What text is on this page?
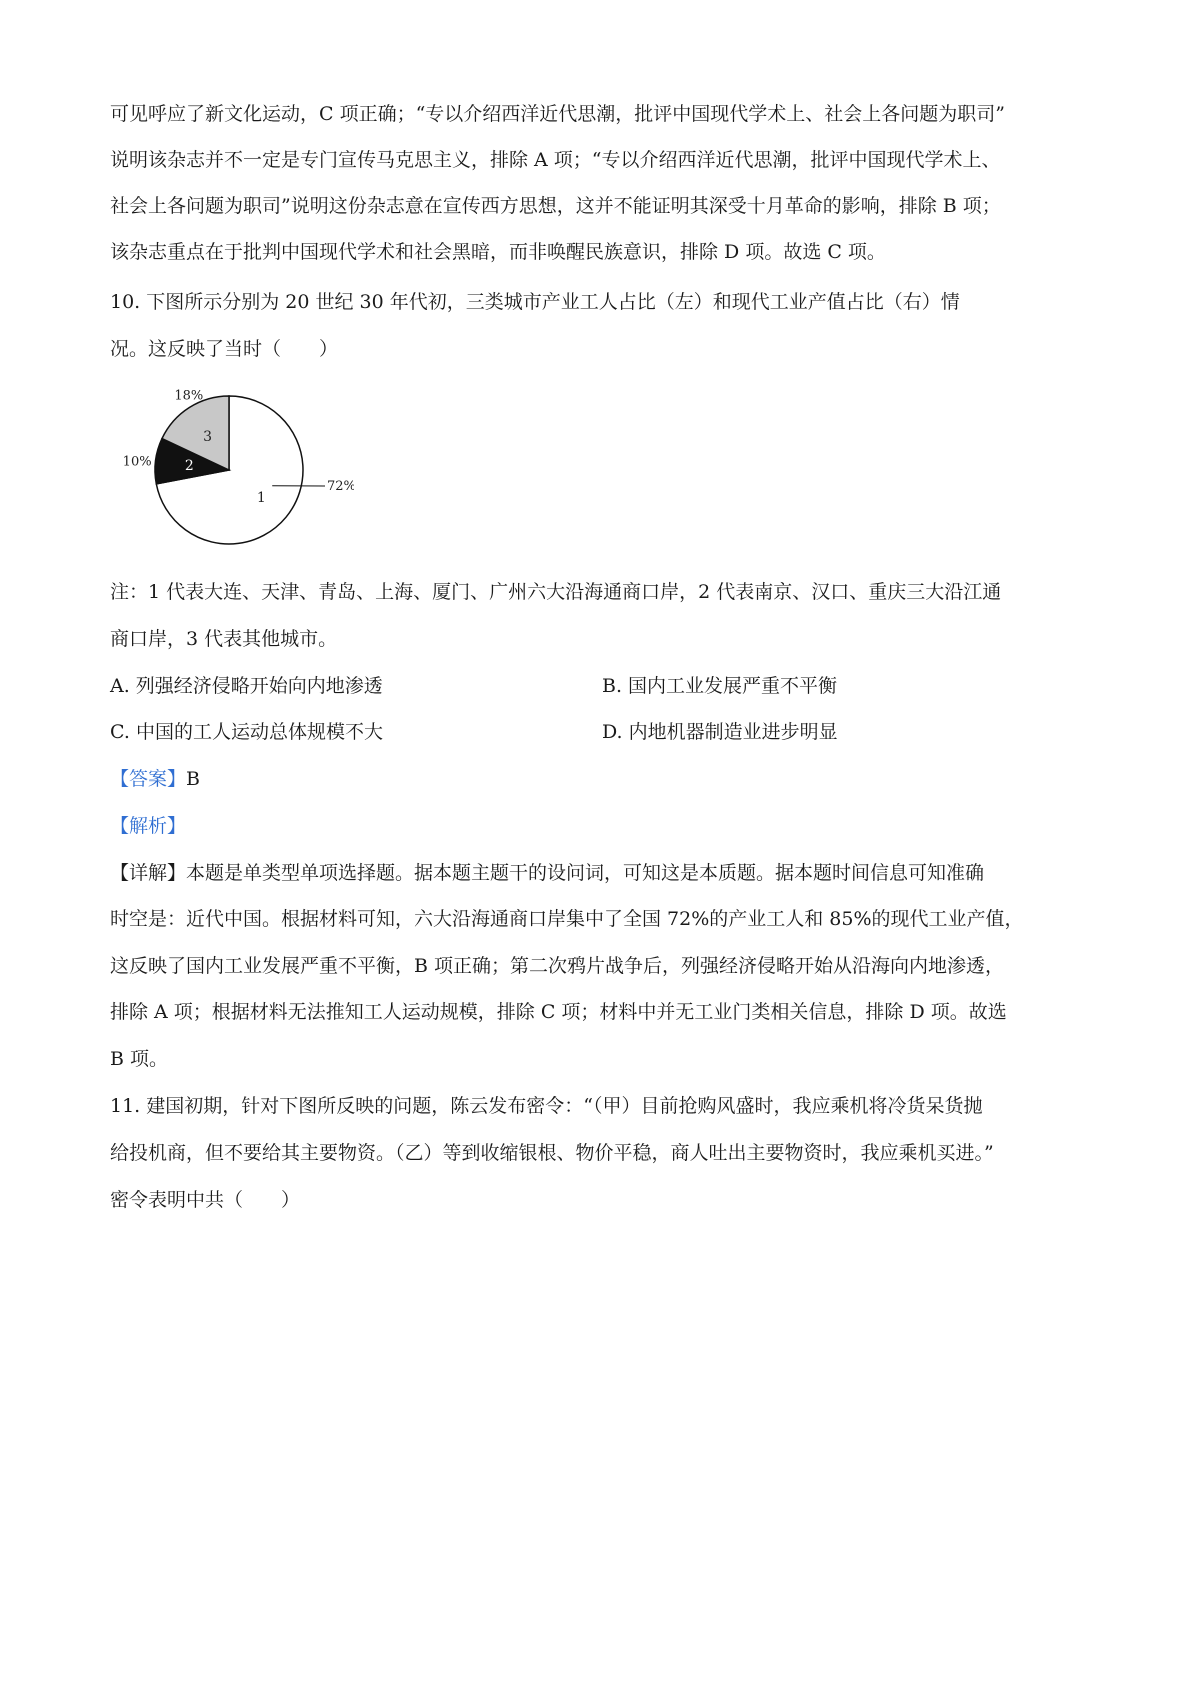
可见呼应了新文化运动，C 项正确；“专以介绍西洋近代思潮，批评中国现代学术上、社会上各问题为职司”
说明该杂志并不一定是专门宣传马克思主义，排除 A 项；“专以介绍西洋近代思潮，批评中国现代学术上、
社会上各问题为职司”说明这份杂志意在宣传西方思想，这并不能证明其深受十月革命的影响，排除 B 项；
该杂志重点在于批判中国现代学术和社会黑暗，而非唤醒民族意识，排除 D 项。故选 C 项。
10. 下图所示分别为 20 世纪 30 年代初，三类城市产业工人占比（左）和现代工业产值占比（右）情
况。这反映了当时（　　）
1
2
3
72%
10%
18%
注：1 代表大连、天津、青岛、上海、厦门、广州六大沿海通商口岸，2 代表南京、汉口、重庆三大沿江通
商口岸，3 代表其他城市。
A. 列强经济侵略开始向内地渗透	B. 国内工业发展严重不平衡
C. 中国的工人运动总体规模不大	D. 内地机器制造业进步明显
【答案】B
【解析】
【详解】本题是单类型单项选择题。据本题主题干的设问词，可知这是本质题。据本题时间信息可知准确
时空是：近代中国。根据材料可知，六大沿海通商口岸集中了全国 72%的产业工人和 85%的现代工业产值，
这反映了国内工业发展严重不平衡，B 项正确；第二次鸦片战争后，列强经济侵略开始从沿海向内地渗透，
排除 A 项；根据材料无法推知工人运动规模，排除 C 项；材料中并无工业门类相关信息，排除 D 项。故选
B 项。
11. 建国初期，针对下图所反映的问题，陈云发布密令：“（甲）目前抢购风盛时，我应乘机将冷货呆货抛
给投机商，但不要给其主要物资。（乙）等到收缩银根、物价平稳，商人吐出主要物资时，我应乘机买进。”
密令表明中共（　　）
